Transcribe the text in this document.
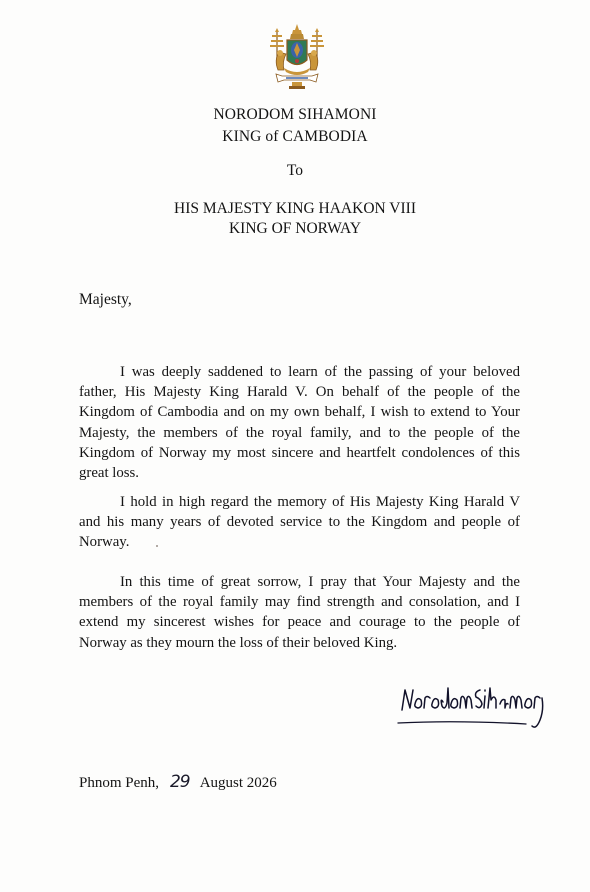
NORODOM SIHAMONI
KING of CAMBODIA
To
HIS MAJESTY KING HAAKON VIII
KING OF NORWAY
Majesty,

I was deeply saddened to learn of the passing of your beloved father, His Majesty King Harald V. On behalf of the people of the Kingdom of Cambodia and on my own behalf, I wish to extend to Your Majesty, the members of the royal family, and to the people of the Kingdom of Norway my most sincere and heartfelt condolences of this great loss.

I hold in high regard the memory of His Majesty King Harald V and his many years of devoted service to the Kingdom and people of Norway.

In this time of great sorrow, I pray that Your Majesty and the members of the royal family may find strength and consolation, and I extend my sincerest wishes for peace and courage to the people of Norway as they mourn the loss of their beloved King.

Phnom Penh, 29 August 2026
